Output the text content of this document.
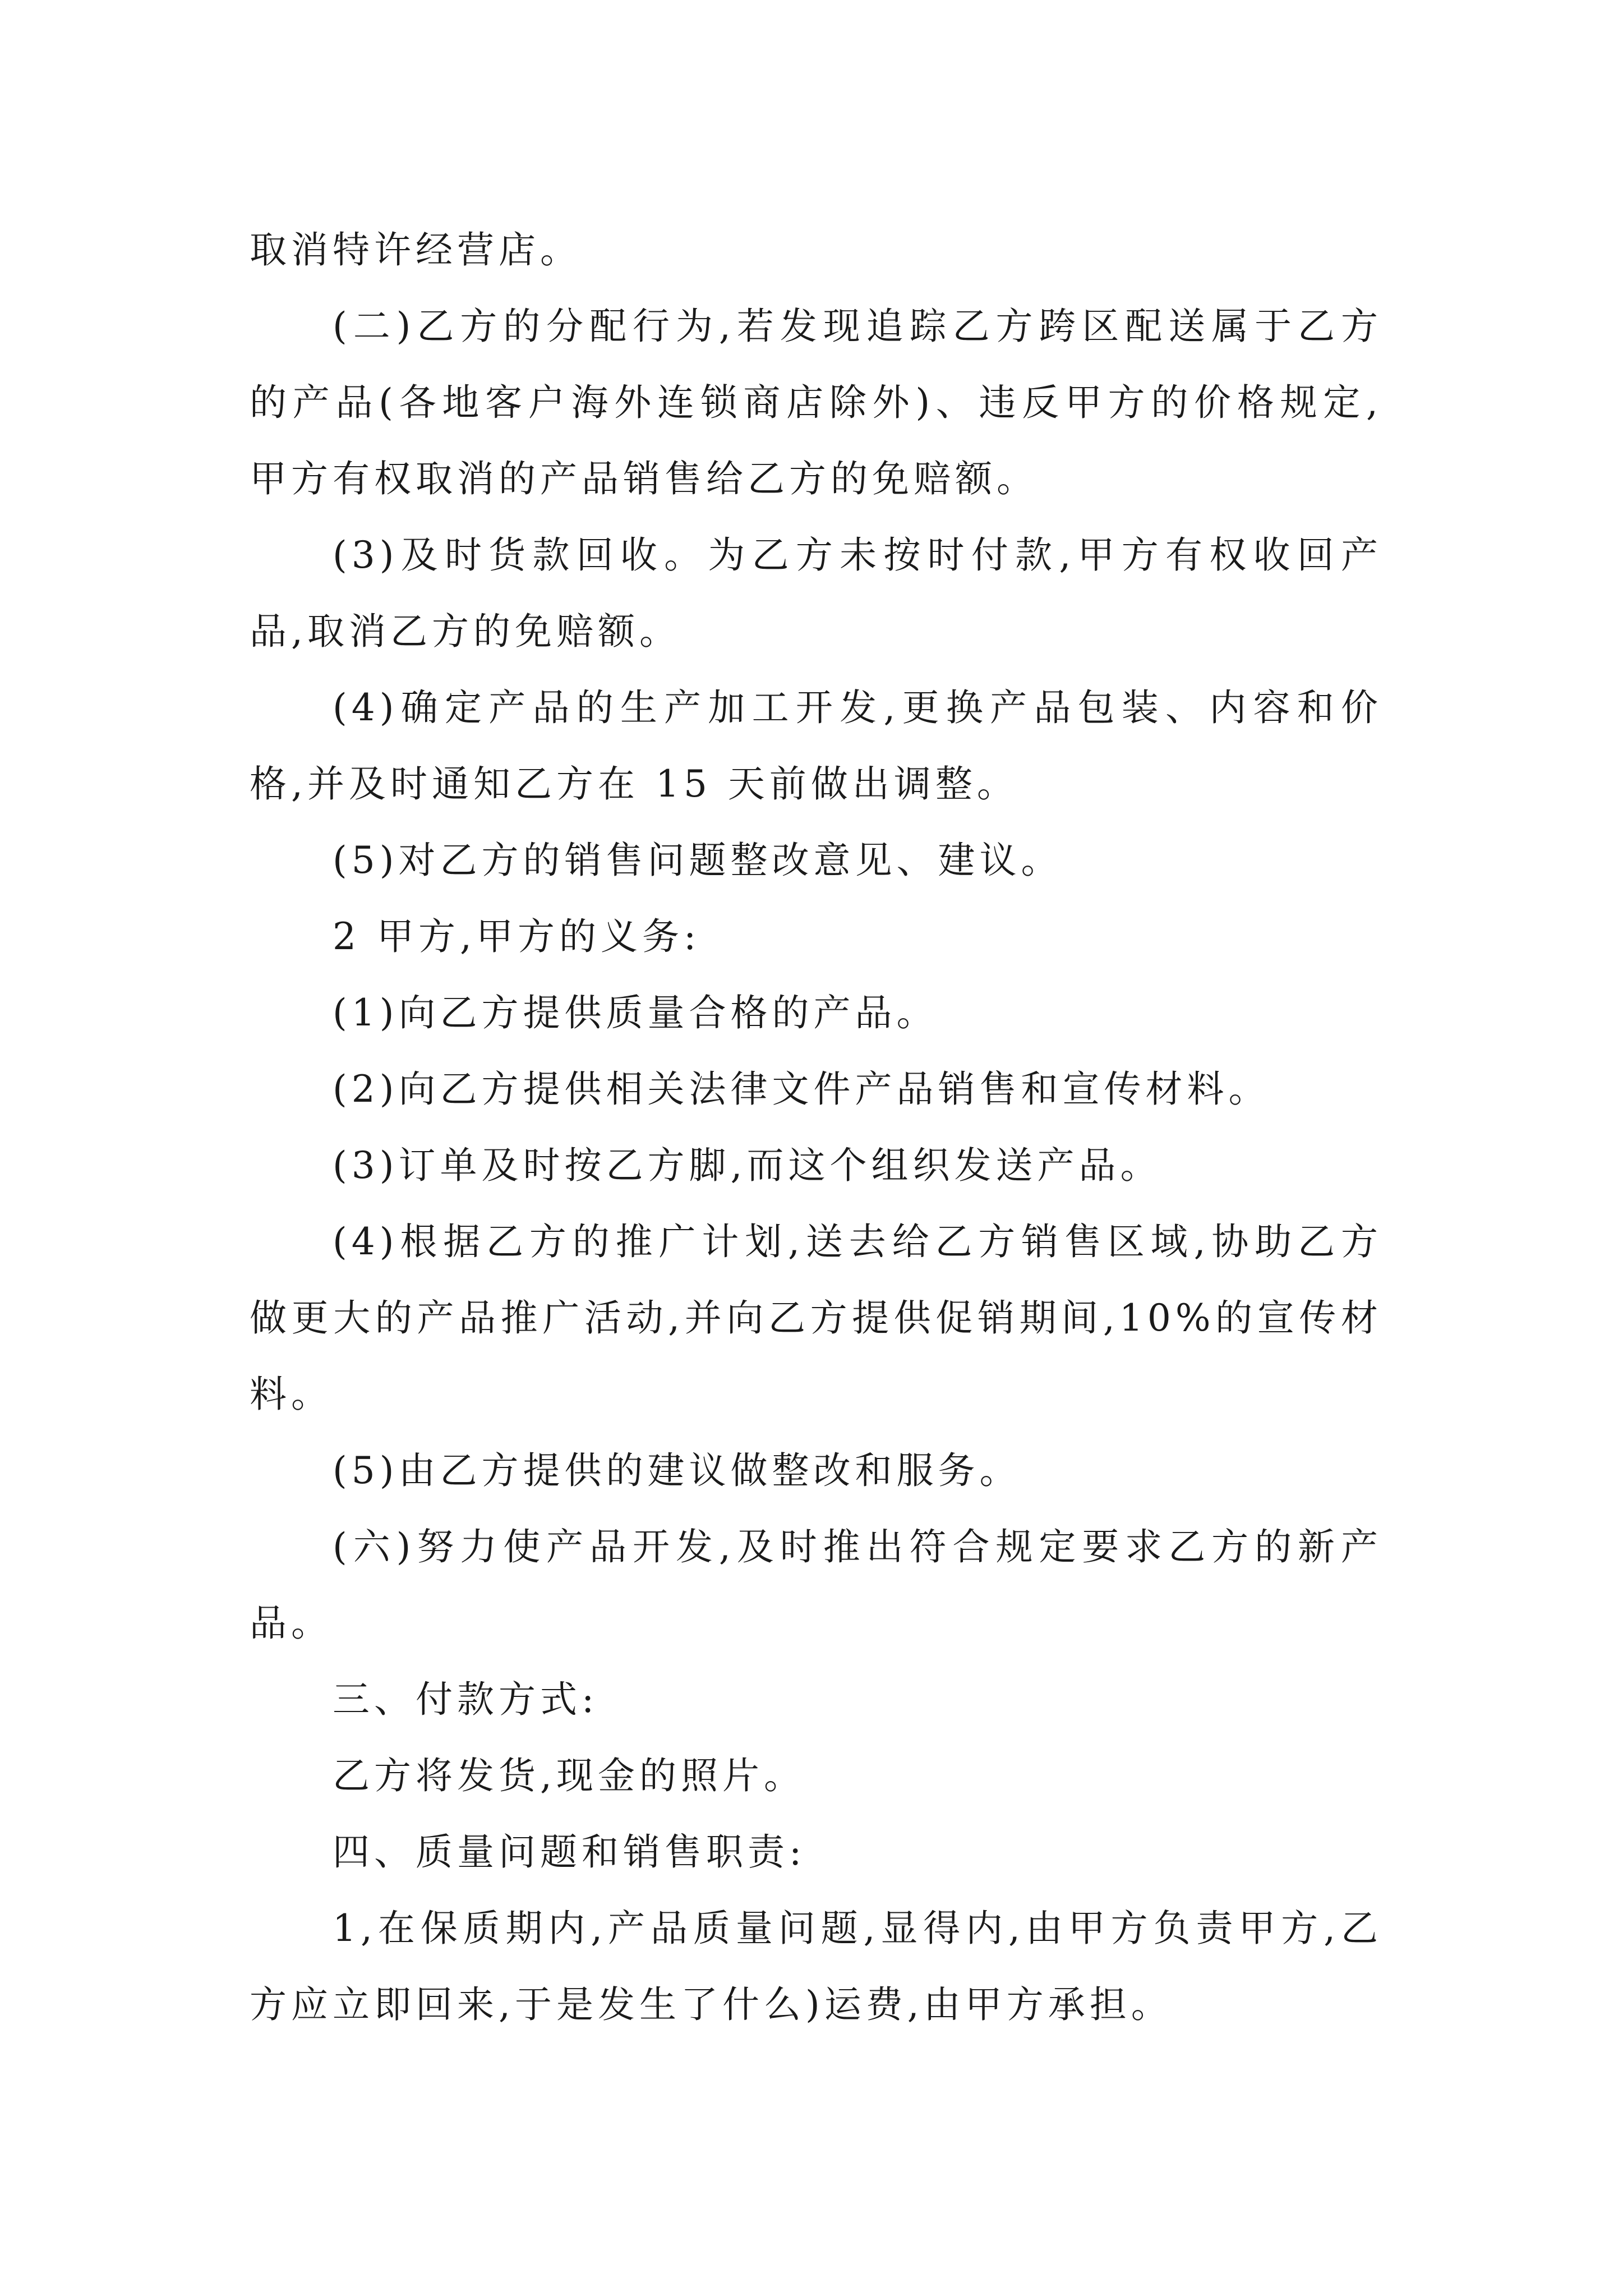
取消特许经营店。

(二)乙方的分配行为,若发现追踪乙方跨区配送属于乙方的产品(各地客户海外连锁商店除外)、违反甲方的价格规定,甲方有权取消的产品销售给乙方的免赔额。

(3)及时货款回收。为乙方未按时付款,甲方有权收回产品,取消乙方的免赔额。

(4)确定产品的生产加工开发,更换产品包装、内容和价格,并及时通知乙方在 15 天前做出调整。

(5)对乙方的销售问题整改意见、建议。

2 甲方,甲方的义务:

(1)向乙方提供质量合格的产品。

(2)向乙方提供相关法律文件产品销售和宣传材料。

(3)订单及时按乙方脚,而这个组织发送产品。

(4)根据乙方的推广计划,送去给乙方销售区域,协助乙方做更大的产品推广活动,并向乙方提供促销期间,10%的宣传材料。

(5)由乙方提供的建议做整改和服务。

(六)努力使产品开发,及时推出符合规定要求乙方的新产品。

三、付款方式:

乙方将发货,现金的照片。

四、质量问题和销售职责:

1,在保质期内,产品质量问题,显得内,由甲方负责甲方,乙方应立即回来,于是发生了什么)运费,由甲方承担。
